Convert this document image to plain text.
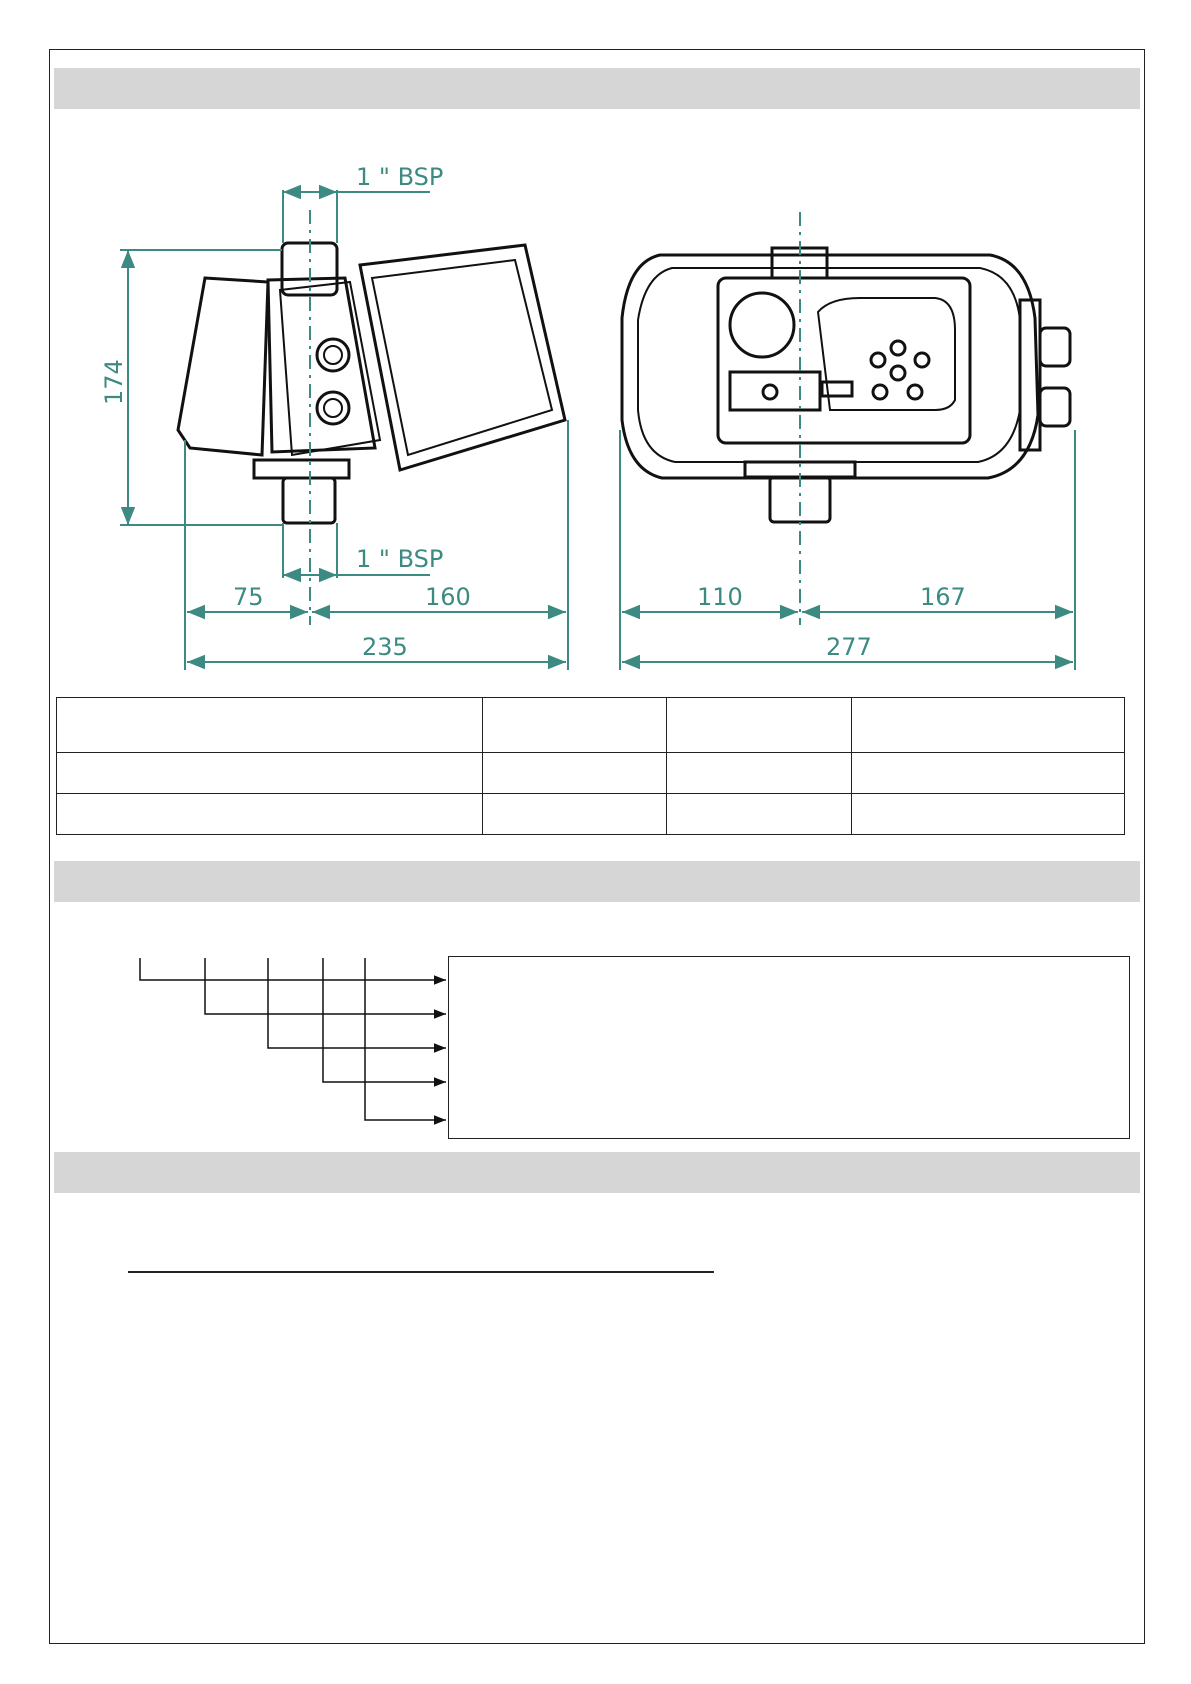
1 " BSP
1 " BSP
174
75	160
235
110	167
277
